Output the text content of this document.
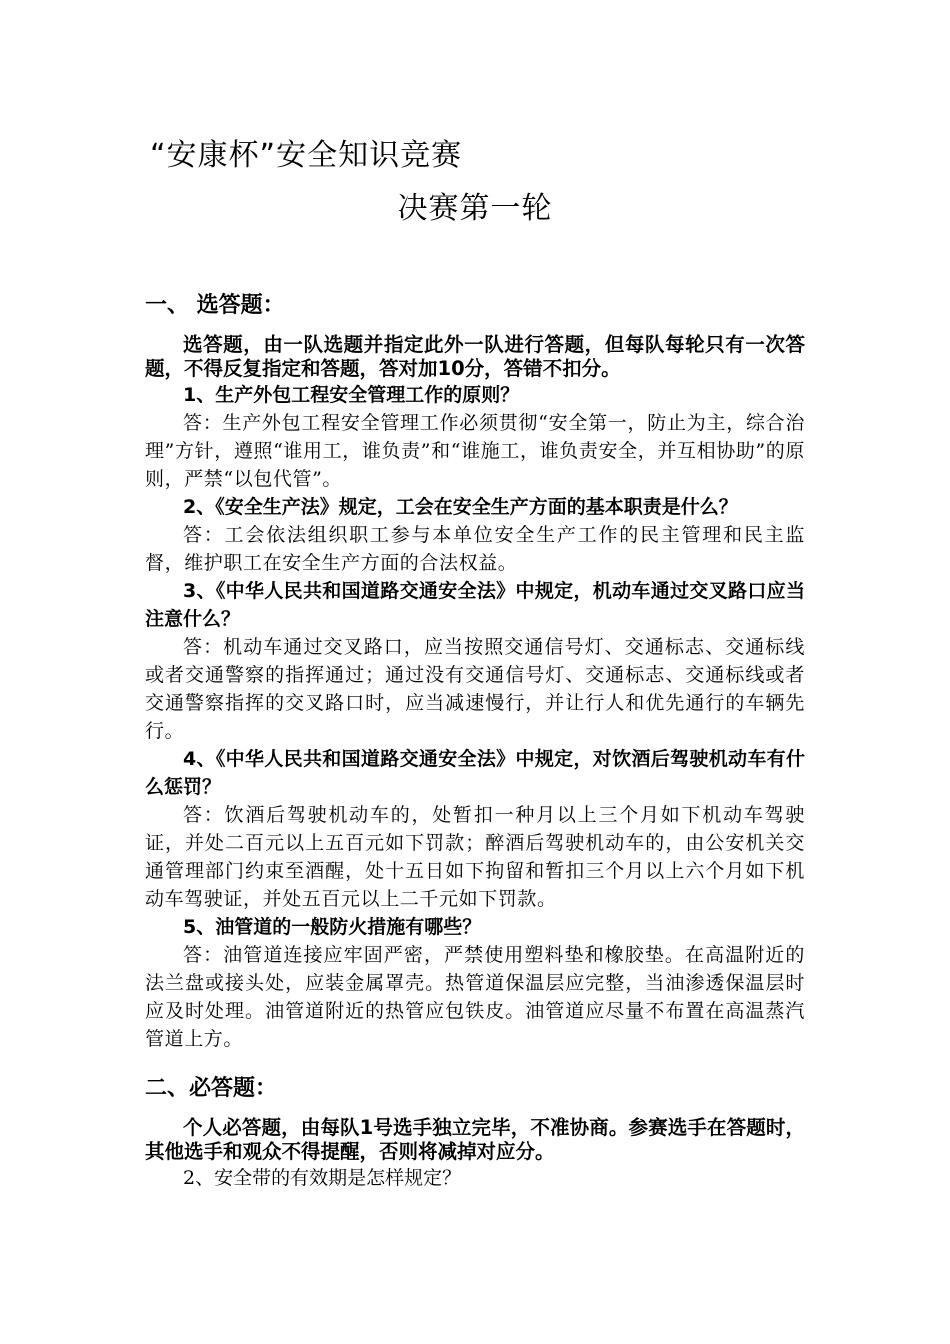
“安康杯”安全知识竞赛
决赛第一轮
一、 选答题：

选答题，由一队选题并指定此外一队进行答题，但每队每轮只有一次答题，不得反复指定和答题，答对加10分，答错不扣分。

1、生产外包工程安全管理工作的原则？

答：生产外包工程安全管理工作必须贯彻“安全第一，防止为主，综合治理”方针，遵照“谁用工，谁负责”和“谁施工，谁负责安全，并互相协助”的原则，严禁“以包代管”。

2、《安全生产法》规定，工会在安全生产方面的基本职责是什么？

答：工会依法组织职工参与本单位安全生产工作的民主管理和民主监督，维护职工在安全生产方面的合法权益。

3、《中华人民共和国道路交通安全法》中规定，机动车通过交叉路口应当注意什么？

答：机动车通过交叉路口，应当按照交通信号灯、交通标志、交通标线或者交通警察的指挥通过；通过没有交通信号灯、交通标志、交通标线或者交通警察指挥的交叉路口时，应当减速慢行，并让行人和优先通行的车辆先行。

4、《中华人民共和国道路交通安全法》中规定，对饮酒后驾驶机动车有什么惩罚？

答：饮酒后驾驶机动车的，处暂扣一种月以上三个月如下机动车驾驶证，并处二百元以上五百元如下罚款；醉酒后驾驶机动车的，由公安机关交通管理部门约束至酒醒，处十五日如下拘留和暂扣三个月以上六个月如下机动车驾驶证，并处五百元以上二千元如下罚款。

5、油管道的一般防火措施有哪些？

答：油管道连接应牢固严密，严禁使用塑料垫和橡胶垫。在高温附近的法兰盘或接头处，应装金属罩壳。热管道保温层应完整，当油渗透保温层时应及时处理。油管道附近的热管应包铁皮。油管道应尽量不布置在高温蒸汽管道上方。

二、必答题：

个人必答题，由每队1号选手独立完毕，不准协商。参赛选手在答题时，其他选手和观众不得提醒，否则将减掉对应分。

2、安全带的有效期是怎样规定？
